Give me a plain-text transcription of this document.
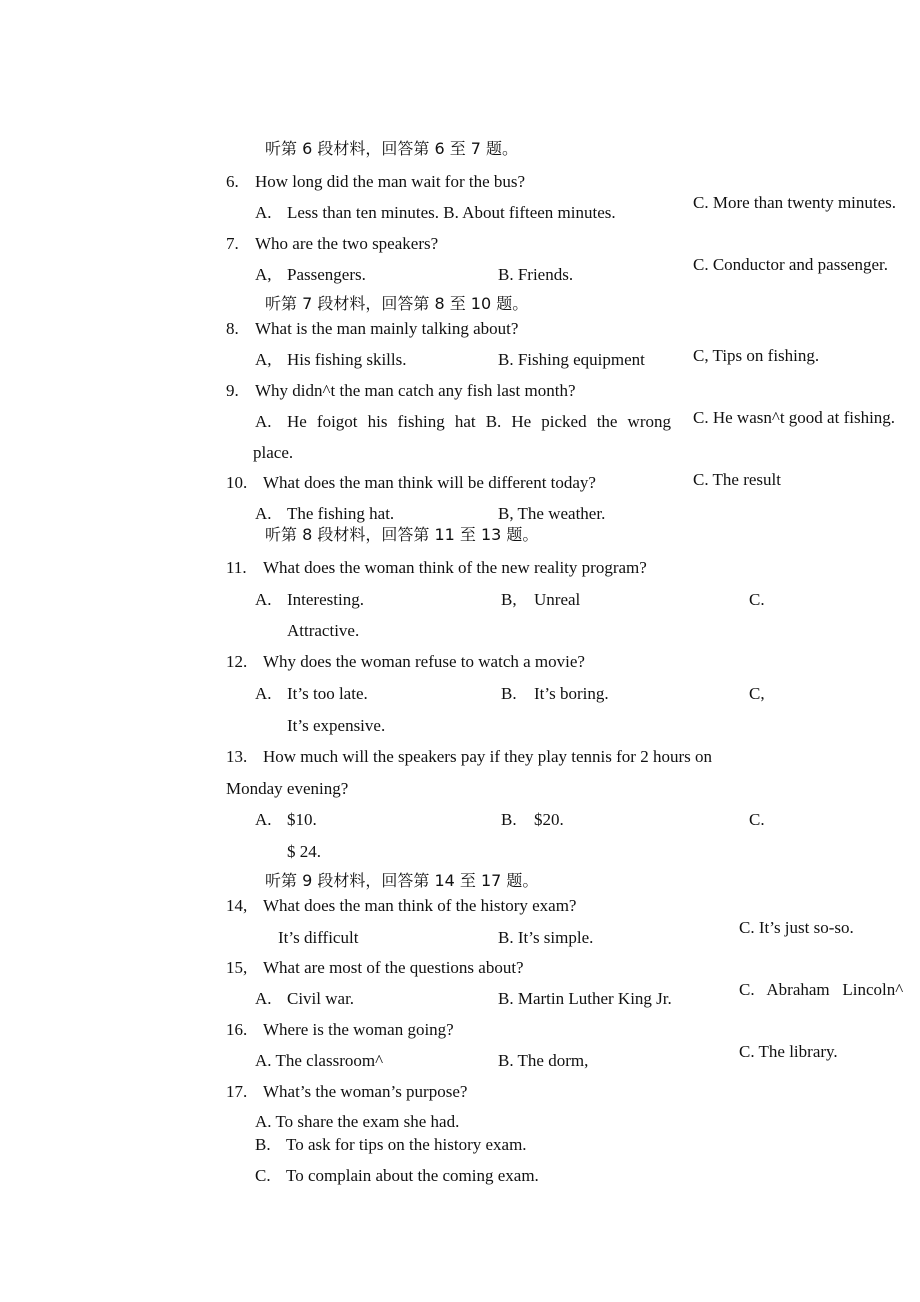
听第 6 段材料，回答第 6 至 7 题。
6. How long did the man wait for the bus?
A. Less than ten minutes. B. About fifteen minutes.
C. More than twenty minutes.
7. Who are the two speakers?
A, Passengers.	B. Friends.
C. Conductor and passenger.
听第 7 段材料，回答第 8 至 10 题。
8. What is the man mainly talking about?
A, His fishing skills.	B. Fishing equipment	C, Tips on fishing.
9. Why didn^t the man catch any fish last month?
A. He foigot his fishing hat B. He picked the wrong
place.
C. He wasn^t good at fishing.
10. What does the man think will be different today?
A. The fishing hat.	B, The weather.
C. The result
听第 8 段材料，回答第 11 至 13 题。
11. What does the woman think of the new reality program?
A. Interesting.	B, Unreal	C.
Attractive.
12. Why does the woman refuse to watch a movie?
A. It’s too late.	B. It’s boring.	C,
It’s expensive.
13. How much will the speakers pay if they play tennis for 2 hours on
Monday evening?
A. $10.	B. $20.	C.
$ 24.
听第 9 段材料，回答第 14 至 17 题。
14, What does the man think of the history exam?
It’s difficult	B. It’s simple.
C. It’s just so-so.
15, What are most of the questions about?
A. Civil war.	B. Martin Luther King Jr.	C.   Abraham   Lincoln^
16. Where is the woman going?
A. The classroom^	B. The dorm,	C. The library.
17. What’s the woman’s purpose?
A. To share the exam she had.
B. To ask for tips on the history exam.
C. To complain about the coming exam.
